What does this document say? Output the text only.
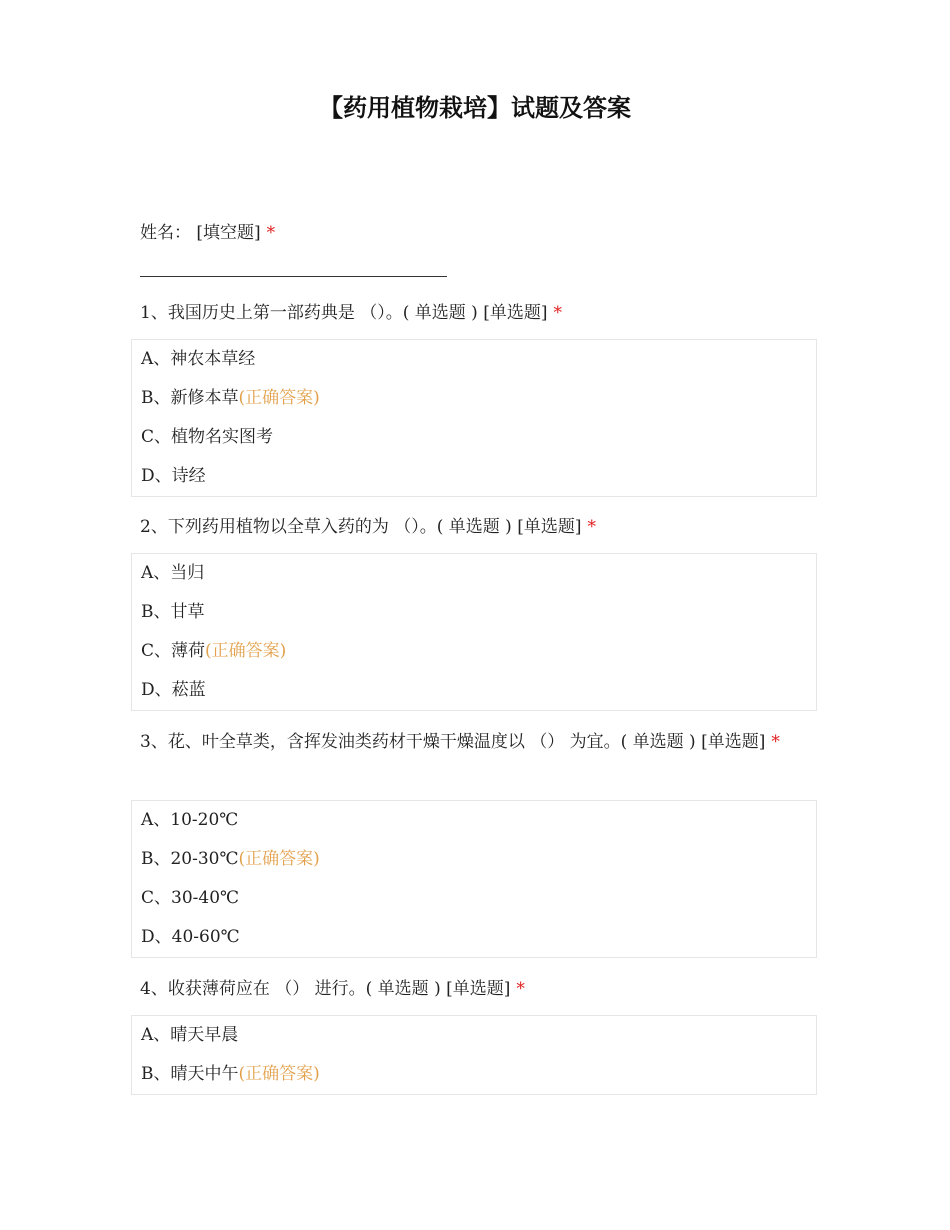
【药用植物栽培】试题及答案
姓名： [填空题] *
1、我国历史上第一部药典是 （）。( 单选题 ) [单选题] *
A、神农本草经
B、新修本草(正确答案)
C、植物名实图考
D、诗经
2、下列药用植物以全草入药的为 （）。( 单选题 ) [单选题] *
A、当归
B、甘草
C、薄荷(正确答案)
D、菘蓝
3、花、叶全草类，含挥发油类药材干燥干燥温度以 （） 为宜。( 单选题 ) [单选题] *
A、10-20℃
B、20-30℃(正确答案)
C、30-40℃
D、40-60℃
4、收获薄荷应在 （） 进行。( 单选题 ) [单选题] *
A、晴天早晨
B、晴天中午(正确答案)
